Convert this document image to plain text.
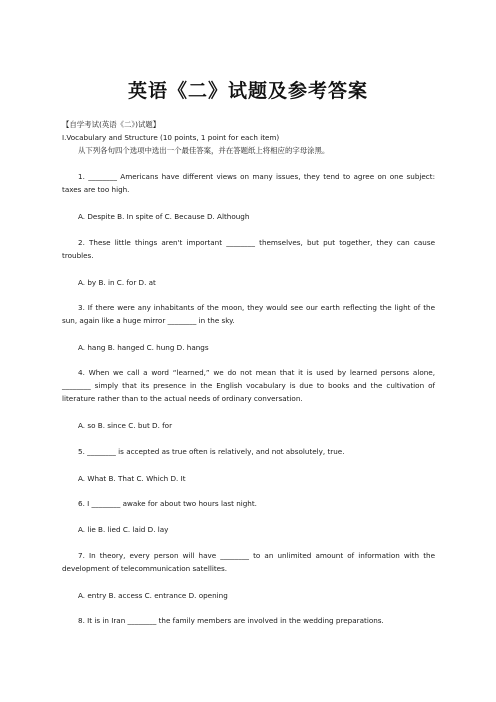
英语《二》试题及参考答案
【自学考试(英语《二》)试题】
Ⅰ.Vocabulary and Structure (10 points, 1 point for each item)
从下列各句四个选项中选出一个最佳答案，并在答题纸上将相应的字母涂黑。
1. ________ Americans have different views on many issues, they tend to agree on one subject: taxes are too high.
A. Despite B. In spite of C. Because D. Although
2. These little things aren't important ________ themselves, but put together, they can cause troubles.
A. by B. in C. for D. at
3. If there were any inhabitants of the moon, they would see our earth reflecting the light of the sun, again like a huge mirror ________ in the sky.
A. hang B. hanged C. hung D. hangs
4. When we call a word “learned,” we do not mean that it is used by learned persons alone, ________ simply that its presence in the English vocabulary is due to books and the cultivation of literature rather than to the actual needs of ordinary conversation.
A. so B. since C. but D. for
5. ________ is accepted as true often is relatively, and not absolutely, true.
A. What B. That C. Which D. It
6. I ________ awake for about two hours last night.
A. lie B. lied C. laid D. lay
7. In theory, every person will have ________ to an unlimited amount of information with the development of telecommunication satellites.
A. entry B. access C. entrance D. opening
8. It is in Iran ________ the family members are involved in the wedding preparations.
